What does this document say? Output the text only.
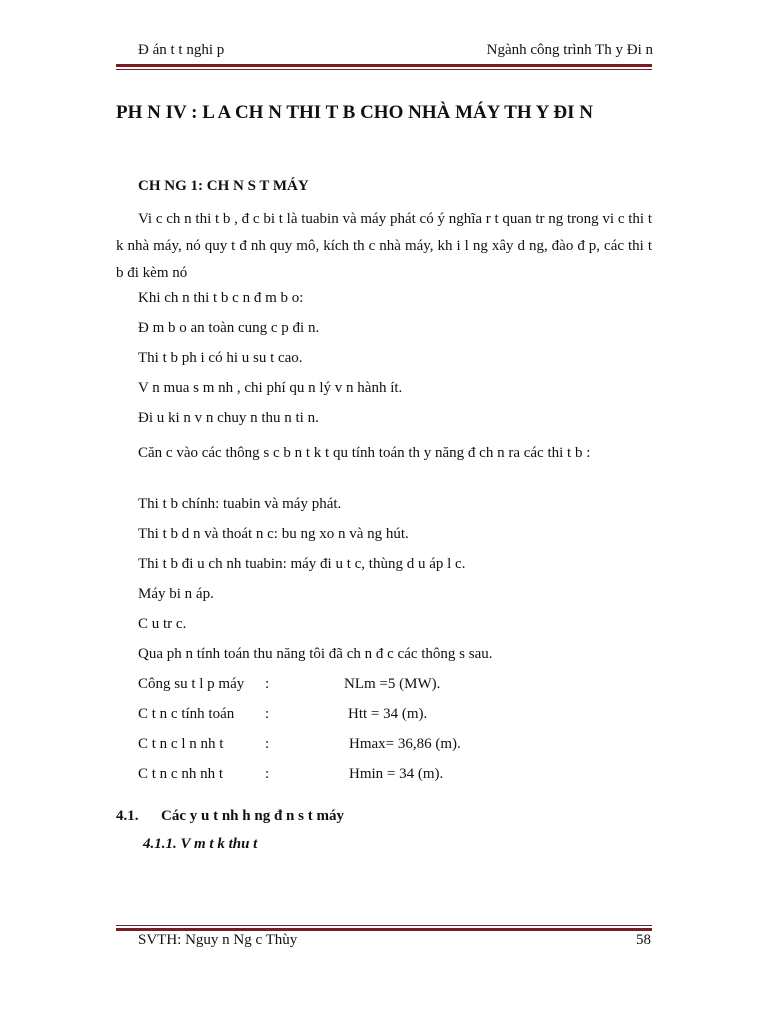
Đ án t t nghi p	Ngành công trình Th y Đi n
PH N IV : L A CH N THI T B CHO NHÀ MÁY TH Y ĐI N
CH NG 1: CH N S T MÁY

Vi c ch n thi t b , đ c bi t là tuabin và máy phát có ý nghĩa r t quan tr ng trong vi c thi t k nhà máy, nó quy t đ nh quy mô, kích th c nhà máy, kh i l ng xây d ng, đào đ p, các thi t b đi kèm nó

Khi ch n thi t b c n đ m b o:
Đ m b o an toàn cung c p đi n.
Thi t b ph i có hi u su t cao.
V n mua s m nh , chi phí qu n lý v n hành ít.
Đi u ki n v n chuy n thu n ti n.

Căn c vào các thông s c b n t k t qu tính toán th y năng đ ch n ra các thi t b :

Thi t b chính: tuabin và máy phát.
Thi t b d n và thoát n c: bu ng xo n và ng hút.
Thi t b đi u ch nh tuabin: máy đi u t c, thùng d u áp l c.
Máy bi n áp.
C u tr c.
Qua ph n tính toán thu năng tôi đã ch n đ c các thông s sau.
Công su t l p máy :	NLm =5 (MW).
C t n c tính toán :	Htt = 34 (m).
C t n c l n nh t	:	Hmax= 36,86 (m).
C t n c nh nh t	:	Hmin = 34 (m).
4.1. Các y u t nh h ng đ n s t máy
4.1.1. V m t k thu t
SVTH: Nguy n Ng c Thùy	58
